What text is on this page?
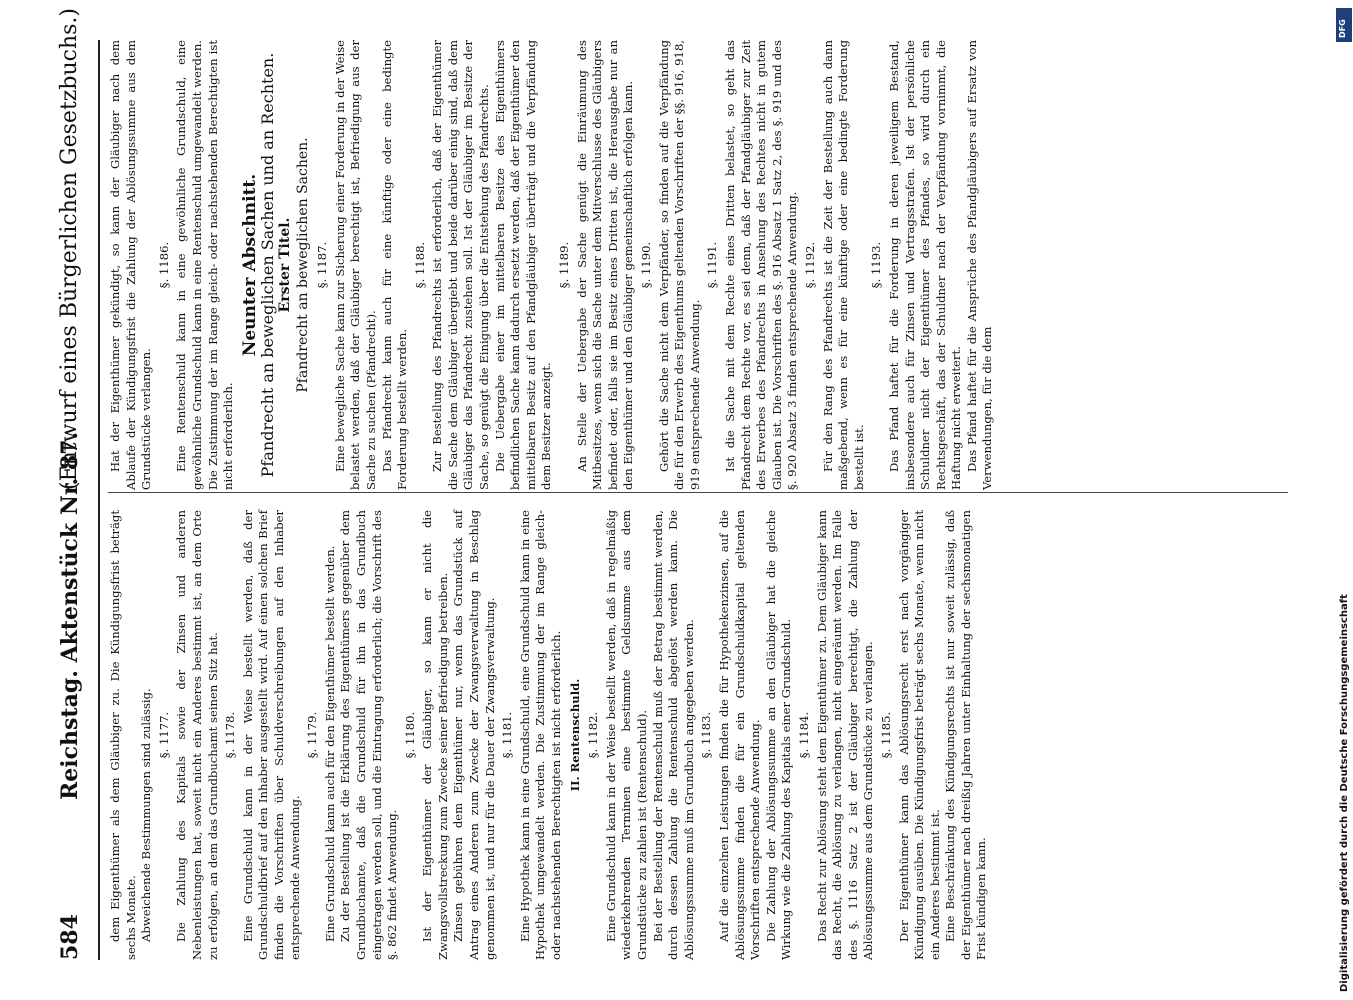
584
Reichstag. Aktenstück Nr. 87.
(Entwurf eines Bürgerlichen Gesetzbuchs.)

dem Eigenthümer als dem Gläubiger zu. Die Kündigungsfrist beträgt sechs Monate. Abweichende Bestimmungen sind zulässig. §. 1177. Die Zahlung des Kapitals sowie der Zinsen und anderen Nebenleistungen hat, soweit nicht ein Anderes bestimmt ist, an dem Orte zu erfolgen, an dem das Grundbuchamt seinen Sitz hat. §. 1178. Eine Grundschuld kann in der Weise bestellt werden, daß der Grundschuldbrief auf den Inhaber ausgestellt wird. Auf einen solchen Brief finden die Vorschriften über Schuldverschreibungen auf den Inhaber entsprechende Anwendung.

§. 1179. Eine Grundschuld kann auch für den Eigenthümer bestellt werden. Zu der Bestellung ist die Erklärung des Eigenthümers gegenüber dem Grundbuchamte, daß die Grundschuld für ihn in das Grundbuch eingetragen werden soll, und die Eintragung erforderlich; die Vorschrift des §. 862 findet Anwendung.

§. 1180. Ist der Eigenthümer der Gläubiger, so kann er nicht die Zwangsvollstreckung zum Zwecke seiner Befriedigung betreiben. Zinsen gebühren dem Eigenthümer nur, wenn das Grundstück auf Antrag eines Anderen zum Zwecke der Zwangsverwaltung in Beschlag genommen ist, und nur für die Dauer der Zwangsverwaltung. §. 1181. Eine Hypothek kann in eine Grundschuld, eine Grundschuld kann in eine Hypothek umgewandelt werden. Die Zustimmung der im Range gleich- oder nachstehenden Berechtigten ist nicht erforderlich. II. Rentenschuld. §. 1182. Eine Grundschuld kann in der Weise bestellt werden, daß in regelmäßig wiederkehrenden Terminen eine bestimmte Geldsumme aus dem Grundstücke zu zahlen ist (Rentenschuld). Bei der Bestellung der Rentenschuld muß der Betrag bestimmt werden, durch dessen Zahlung die Rentenschuld abgelöst werden kann. Die Ablösungssumme muß im Grundbuch angegeben werden. §. 1183. Auf die einzelnen Leistungen finden die für Hypothekenzinsen, auf die Ablösungssumme finden die für ein Grundschuldkapital geltenden Vorschriften entsprechende Anwendung. Die Zahlung der Ablösungssumme an den Gläubiger hat die gleiche Wirkung wie die Zahlung des Kapitals einer Grundschuld. §. 1184. Das Recht zur Ablösung steht dem Eigenthümer zu. Dem Gläubiger kann das Recht, die Ablösung zu verlangen, nicht eingeräumt werden. Im Falle des §. 1116 Satz 2 ist der Gläubiger berechtigt, die Zahlung der Ablösungssumme aus dem Grundstücke zu verlangen. §. 1185. Der Eigenthümer kann das Ablösungsrecht erst nach vorgängiger Kündigung ausüben. Die Kündigungsfrist beträgt sechs Monate, wenn nicht ein Anderes bestimmt ist. Eine Beschränkung des Kündigungsrechts ist nur soweit zulässig, daß der Eigenthümer nach dreißig Jahren unter Einhaltung der sechsmonatigen Frist kündigen kann.

Hat der Eigenthümer gekündigt, so kann der Gläubiger nach dem Ablaufe der Kündigungsfrist die Zahlung der Ablösungssumme aus dem Grundstücke verlangen.

§. 1186. Eine Rentenschuld kann in eine gewöhnliche Grundschuld, eine gewöhnliche Grundschuld kann in eine Rentenschuld umgewandelt werden. Die Zustimmung der im Range gleich- oder nachstehenden Berechtigten ist nicht erforderlich.

Neunter Abschnitt.

Pfandrecht an beweglichen Sachen und an Rechten. Erster Titel. Pfandrecht an beweglichen Sachen. §. 1187. Eine bewegliche Sache kann zur Sicherung einer Forderung in der Weise belastet werden, daß der Gläubiger berechtigt ist, Befriedigung aus der Sache zu suchen (Pfandrecht). Das Pfandrecht kann auch für eine künftige oder eine bedingte Forderung bestellt werden.

§. 1188. Zur Bestellung des Pfandrechts ist erforderlich, daß der Eigenthümer die Sache dem Gläubiger übergiebt und beide darüber einig sind, daß dem Gläubiger das Pfandrecht zustehen soll. Ist der Gläubiger im Besitze der Sache, so genügt die Einigung über die Entstehung des Pfandrechts. Die Uebergabe einer im mittelbaren Besitze des Eigenthümers befindlichen Sache kann dadurch ersetzt werden, daß der Eigenthümer den mittelbaren Besitz auf den Pfandgläubiger überträgt und die Verpfändung dem Besitzer anzeigt.

§. 1189. An Stelle der Uebergabe der Sache genügt die Einräumung des Mitbesitzes, wenn sich die Sache unter dem Mitverschlusse des Gläubigers befindet oder, falls sie im Besitz eines Dritten ist, die Herausgabe nur an den Eigenthümer und den Gläubiger gemeinschaftlich erfolgen kann. §. 1190. Gehört die Sache nicht dem Verpfänder, so finden auf die Verpfändung die für den Erwerb des Eigenthums geltenden Vorschriften der §§. 916, 918, 919 entsprechende Anwendung.

§. 1191. Ist die Sache mit dem Rechte eines Dritten belastet, so geht das Pfandrecht dem Rechte vor, es sei denn, daß der Pfandgläubiger zur Zeit des Erwerbes des Pfandrechts in Ansehung des Rechtes nicht in gutem Glauben ist. Die Vorschriften des §. 916 Absatz 1 Satz 2, des §. 919 und des §. 920 Absatz 3 finden entsprechende Anwendung. §. 1192. Für den Rang des Pfandrechts ist die Zeit der Bestellung auch dann maßgebend, wenn es für eine künftige oder eine bedingte Forderung bestellt ist.

§. 1193. Das Pfand haftet für die Forderung in deren jeweiligem Bestand, insbesondere auch für Zinsen und Vertragsstrafen. Ist der persönliche Schuldner nicht der Eigenthümer des Pfandes, so wird durch ein Rechtsgeschäft, das der Schuldner nach der Verpfändung vornimmt, die Haftung nicht erweitert. Das Pfand haftet für die Ansprüche des Pfandgläubigers auf Ersatz von Verwendungen, für die dem

Digitalisierung gefördert durch die Deutsche Forschungsgemeinschaft
DFG
